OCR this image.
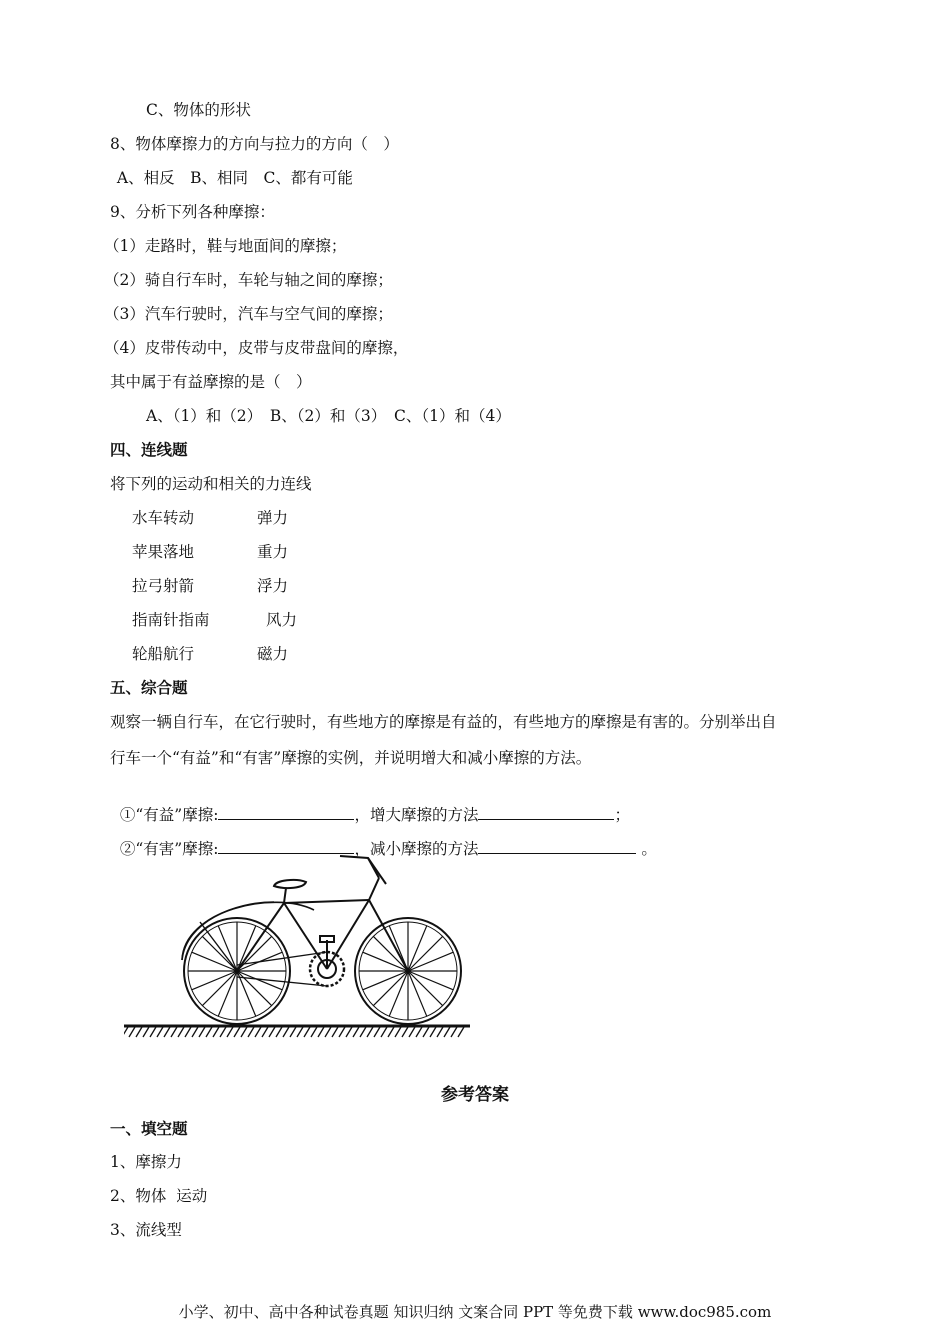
C、物体的形状
8、物体摩擦力的方向与拉力的方向（　）
A、相反　B、相同　C、都有可能
9、分析下列各种摩擦：
（1）走路时，鞋与地面间的摩擦；
（2）骑自行车时，车轮与轴之间的摩擦；
（3）汽车行驶时，汽车与空气间的摩擦；
（4）皮带传动中，皮带与皮带盘间的摩擦，
其中属于有益摩擦的是（　）
A、（1）和（2）　B、（2）和（3）　C、（1）和（4）
四、连线题
将下列的运动和相关的力连线
水车转动	弹力
苹果落地	重力
拉弓射箭	浮力
指南针指南	风力
轮船航行	磁力
五、综合题
观察一辆自行车，在它行驶时，有些地方的摩擦是有益的，有些地方的摩擦是有害的。分别举出自
行车一个“有益”和“有害”摩擦的实例，并说明增大和减小摩擦的方法。

①“有益”摩擦:	，增大摩擦的方法	；

②“有害”摩擦:	，减小摩擦的方法	。

参考答案
一、填空题
1、摩擦力
2、物体  运动
3、流线型
小学、初中、高中各种试卷真题 知识归纳 文案合同 PPT 等免费下载 www.doc985.com
